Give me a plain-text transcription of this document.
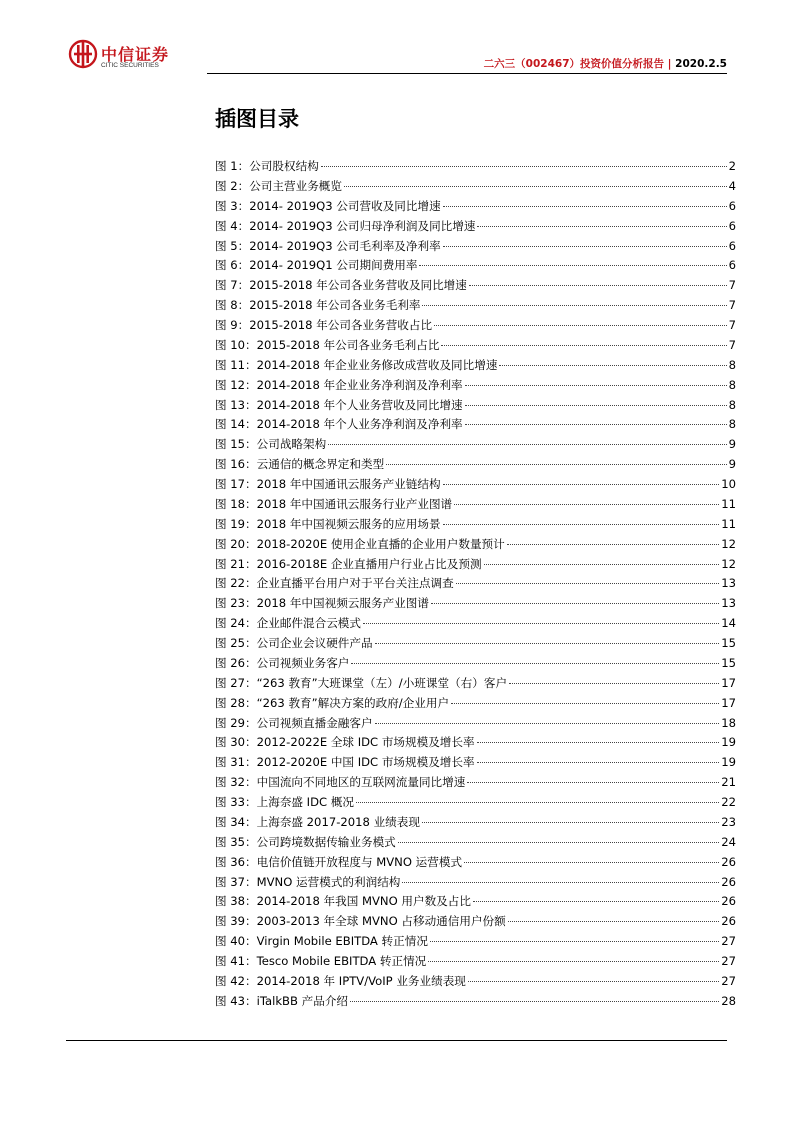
中信证券
CITIC SECURITIES	二六三（002467）投资价值分析报告 | 2020.2.5
插图目录
图 1：公司股权结构	2
图 2：公司主营业务概览	4
图 3：2014- 2019Q3 公司营收及同比增速	6
图 4：2014- 2019Q3 公司归母净利润及同比增速	6
图 5：2014- 2019Q3 公司毛利率及净利率	6
图 6：2014- 2019Q1 公司期间费用率	6
图 7：2015-2018 年公司各业务营收及同比增速	7
图 8：2015-2018 年公司各业务毛利率	7
图 9：2015-2018 年公司各业务营收占比	7
图 10：2015-2018 年公司各业务毛利占比	7
图 11：2014-2018 年企业业务修改成营收及同比增速	8
图 12：2014-2018 年企业业务净利润及净利率	8
图 13：2014-2018 年个人业务营收及同比增速	8
图 14：2014-2018 年个人业务净利润及净利率	8
图 15：公司战略架构	9
图 16：云通信的概念界定和类型	9
图 17：2018 年中国通讯云服务产业链结构	10
图 18：2018 年中国通讯云服务行业产业图谱	11
图 19：2018 年中国视频云服务的应用场景	11
图 20：2018-2020E 使用企业直播的企业用户数量预计	12
图 21：2016-2018E 企业直播用户行业占比及预测	12
图 22：企业直播平台用户对于平台关注点调查	13
图 23：2018 年中国视频云服务产业图谱	13
图 24：企业邮件混合云模式	14
图 25：公司企业会议硬件产品	15
图 26：公司视频业务客户	15
图 27：“263 教育”大班课堂（左）/小班课堂（右）客户	17
图 28：“263 教育”解决方案的政府/企业用户	17
图 29：公司视频直播金融客户	18
图 30：2012-2022E 全球 IDC 市场规模及增长率	19
图 31：2012-2020E 中国 IDC 市场规模及增长率	19
图 32：中国流向不同地区的互联网流量同比增速	21
图 33：上海奈盛 IDC 概况	22
图 34：上海奈盛 2017-2018 业绩表现	23
图 35：公司跨境数据传输业务模式	24
图 36：电信价值链开放程度与 MVNO 运营模式	26
图 37：MVNO 运营模式的利润结构	26
图 38：2014-2018 年我国 MVNO 用户数及占比	26
图 39：2003-2013 年全球 MVNO 占移动通信用户份额	26
图 40：Virgin Mobile EBITDA 转正情况	27
图 41：Tesco Mobile EBITDA 转正情况	27
图 42：2014-2018 年 IPTV/VoIP 业务业绩表现	27
图 43：iTalkBB 产品介绍	28
